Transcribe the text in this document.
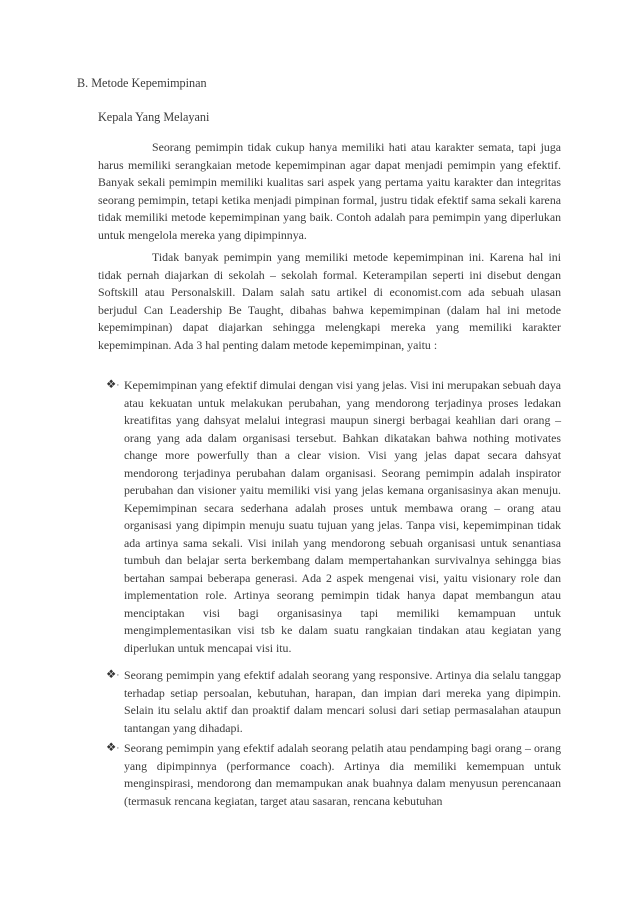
B. Metode Kepemimpinan
Kepala Yang Melayani

Seorang pemimpin tidak cukup hanya memiliki hati atau karakter semata, tapi juga harus memiliki serangkaian metode kepemimpinan agar dapat menjadi pemimpin yang efektif. Banyak sekali pemimpin memiliki kualitas sari aspek yang pertama yaitu karakter dan integritas seorang pemimpin, tetapi ketika menjadi pimpinan formal, justru tidak efektif sama sekali karena tidak memiliki metode kepemimpinan yang baik. Contoh adalah para pemimpin yang diperlukan untuk mengelola mereka yang dipimpinnya.

Tidak banyak pemimpin yang memiliki metode kepemimpinan ini. Karena hal ini tidak pernah diajarkan di sekolah – sekolah formal. Keterampilan seperti ini disebut dengan Softskill atau Personalskill. Dalam salah satu artikel di economist.com ada sebuah ulasan berjudul Can Leadership Be Taught, dibahas bahwa kepemimpinan (dalam hal ini metode kepemimpinan) dapat diajarkan sehingga melengkapi mereka yang memiliki karakter kepemimpinan. Ada 3 hal penting dalam metode kepemimpinan, yaitu :

❖· Kepemimpinan yang efektif dimulai dengan visi yang jelas. Visi ini merupakan sebuah daya atau kekuatan untuk melakukan perubahan, yang mendorong terjadinya proses ledakan kreatifitas yang dahsyat melalui integrasi maupun sinergi berbagai keahlian dari orang – orang yang ada dalam organisasi tersebut. Bahkan dikatakan bahwa nothing motivates change more powerfully than a clear vision. Visi yang jelas dapat secara dahsyat mendorong terjadinya perubahan dalam organisasi. Seorang pemimpin adalah inspirator perubahan dan visioner yaitu memiliki visi yang jelas kemana organisasinya akan menuju. Kepemimpinan secara sederhana adalah proses untuk membawa orang – orang atau organisasi yang dipimpin menuju suatu tujuan yang jelas. Tanpa visi, kepemimpinan tidak ada artinya sama sekali. Visi inilah yang mendorong sebuah organisasi untuk senantiasa tumbuh dan belajar serta berkembang dalam mempertahankan survivalnya sehingga bias bertahan sampai beberapa generasi. Ada 2 aspek mengenai visi, yaitu visionary role dan implementation role. Artinya seorang pemimpin tidak hanya dapat membangun atau menciptakan visi bagi organisasinya tapi memiliki kemampuan untuk mengimplementasikan visi tsb ke dalam suatu rangkaian tindakan atau kegiatan yang diperlukan untuk mencapai visi itu.

❖· Seorang pemimpin yang efektif adalah seorang yang responsive. Artinya dia selalu tanggap terhadap setiap persoalan, kebutuhan, harapan, dan impian dari mereka yang dipimpin. Selain itu selalu aktif dan proaktif dalam mencari solusi dari setiap permasalahan ataupun tantangan yang dihadapi.

❖· Seorang pemimpin yang efektif adalah seorang pelatih atau pendamping bagi orang – orang yang dipimpinnya (performance coach). Artinya dia memiliki kemempuan untuk menginspirasi, mendorong dan memampukan anak buahnya dalam menyusun perencanaan (termasuk rencana kegiatan, target atau sasaran, rencana kebutuhan
